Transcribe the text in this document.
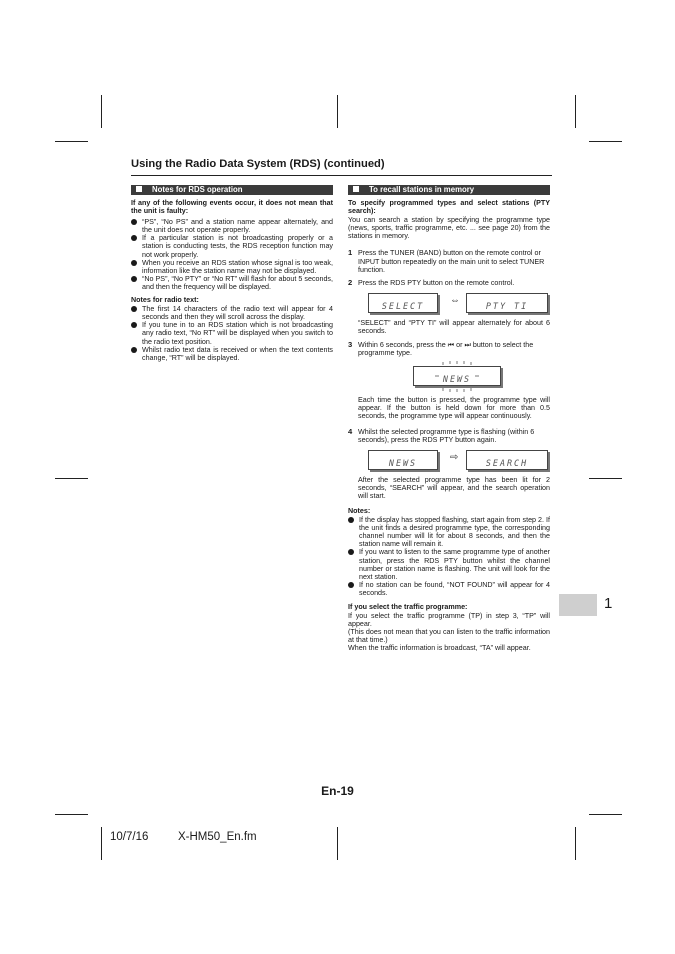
Using the Radio Data System (RDS) (continued)
Notes for RDS operation

If any of the following events occur, it does not mean that the unit is faulty:

“PS”, “No PS” and a station name appear alternately, and the unit does not operate properly.
If a particular station is not broadcasting properly or a station is conducting tests, the RDS reception function may not work properly.
When you receive an RDS station whose signal is too weak, information like the station name may not be displayed.
“No PS”, “No PTY” or “No RT” will flash for about 5 seconds, and then the frequency will be displayed.

Notes for radio text:

The first 14 characters of the radio text will appear for 4 seconds and then they will scroll across the display.
If you tune in to an RDS station which is not broadcasting any radio text, “No RT” will be displayed when you switch to the radio text position.
Whilst radio text data is received or when the text contents change, “RT” will be displayed.
To recall stations in memory

To specify programmed types and select stations (PTY search):

You can search a station by specifying the programme type (news, sports, traffic programme, etc. ... see page 20) from the stations in memory.

1 Press the TUNER (BAND) button on the remote control or INPUT button repeatedly on the main unit to select TUNER function.
2 Press the RDS PTY button on the remote control.
SELECT	⇔	PTY TI

“SELECT” and “PTY TI” will appear alternately for about 6 seconds.

3 Within 6 seconds, press the ⏮ or ⏭ button to select the programme type.
NEWS

Each time the button is pressed, the programme type will appear. If the button is held down for more than 0.5 seconds, the programme type will appear continuously.

4 Whilst the selected programme type is flashing (within 6 seconds), press the RDS PTY button again.
NEWS	⇨	SEARCH

After the selected programme type has been lit for 2 seconds, “SEARCH” will appear, and the search operation will start.

Notes:

If the display has stopped flashing, start again from step 2. If the unit finds a desired programme type, the corresponding channel number will lit for about 8 seconds, and then the station name will remain it.
If you want to listen to the same programme type of another station, press the RDS PTY button whilst the channel number or station name is flashing. The unit will look for the next station.
If no station can be found, “NOT FOUND” will appear for 4 seconds.

If you select the traffic programme:

If you select the traffic programme (TP) in step 3, “TP” will appear.

(This does not mean that you can listen to the traffic information at that time.)

When the traffic information is broadcast, “TA” will appear.

1
En-19
10/7/16	X-HM50_En.fm
